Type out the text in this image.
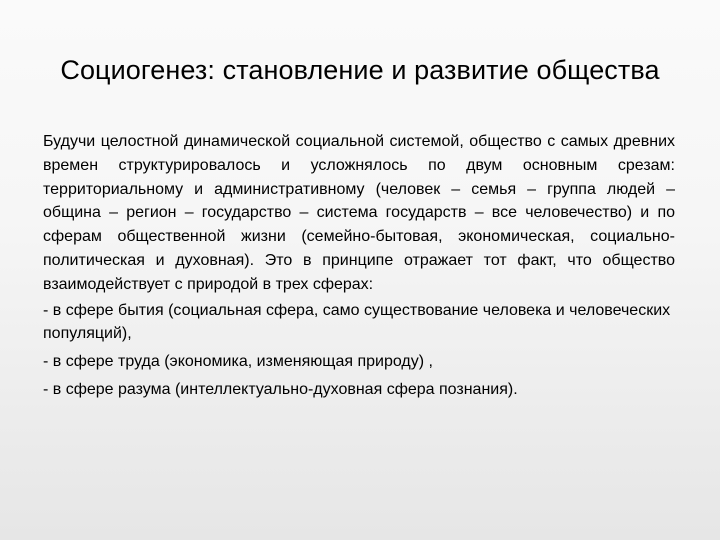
Социогенез: становление и развитие общества

Будучи целостной динамической социальной системой, общество с самых древних времен структурировалось и усложнялось по двум основным срезам: территориальному и административному (человек – семья – группа людей – община – регион – государство – система государств – все человечество) и по сферам общественной жизни (семейно-бытовая, экономическая, социально-политическая и духовная). Это в принципе отражает тот факт, что общество взаимодействует с природой в трех сферах:

- в сфере бытия (социальная сфера, само существование человека и человеческих популяций),

- в сфере труда (экономика, изменяющая природу) ,

- в сфере разума (интеллектуально-духовная сфера познания).
